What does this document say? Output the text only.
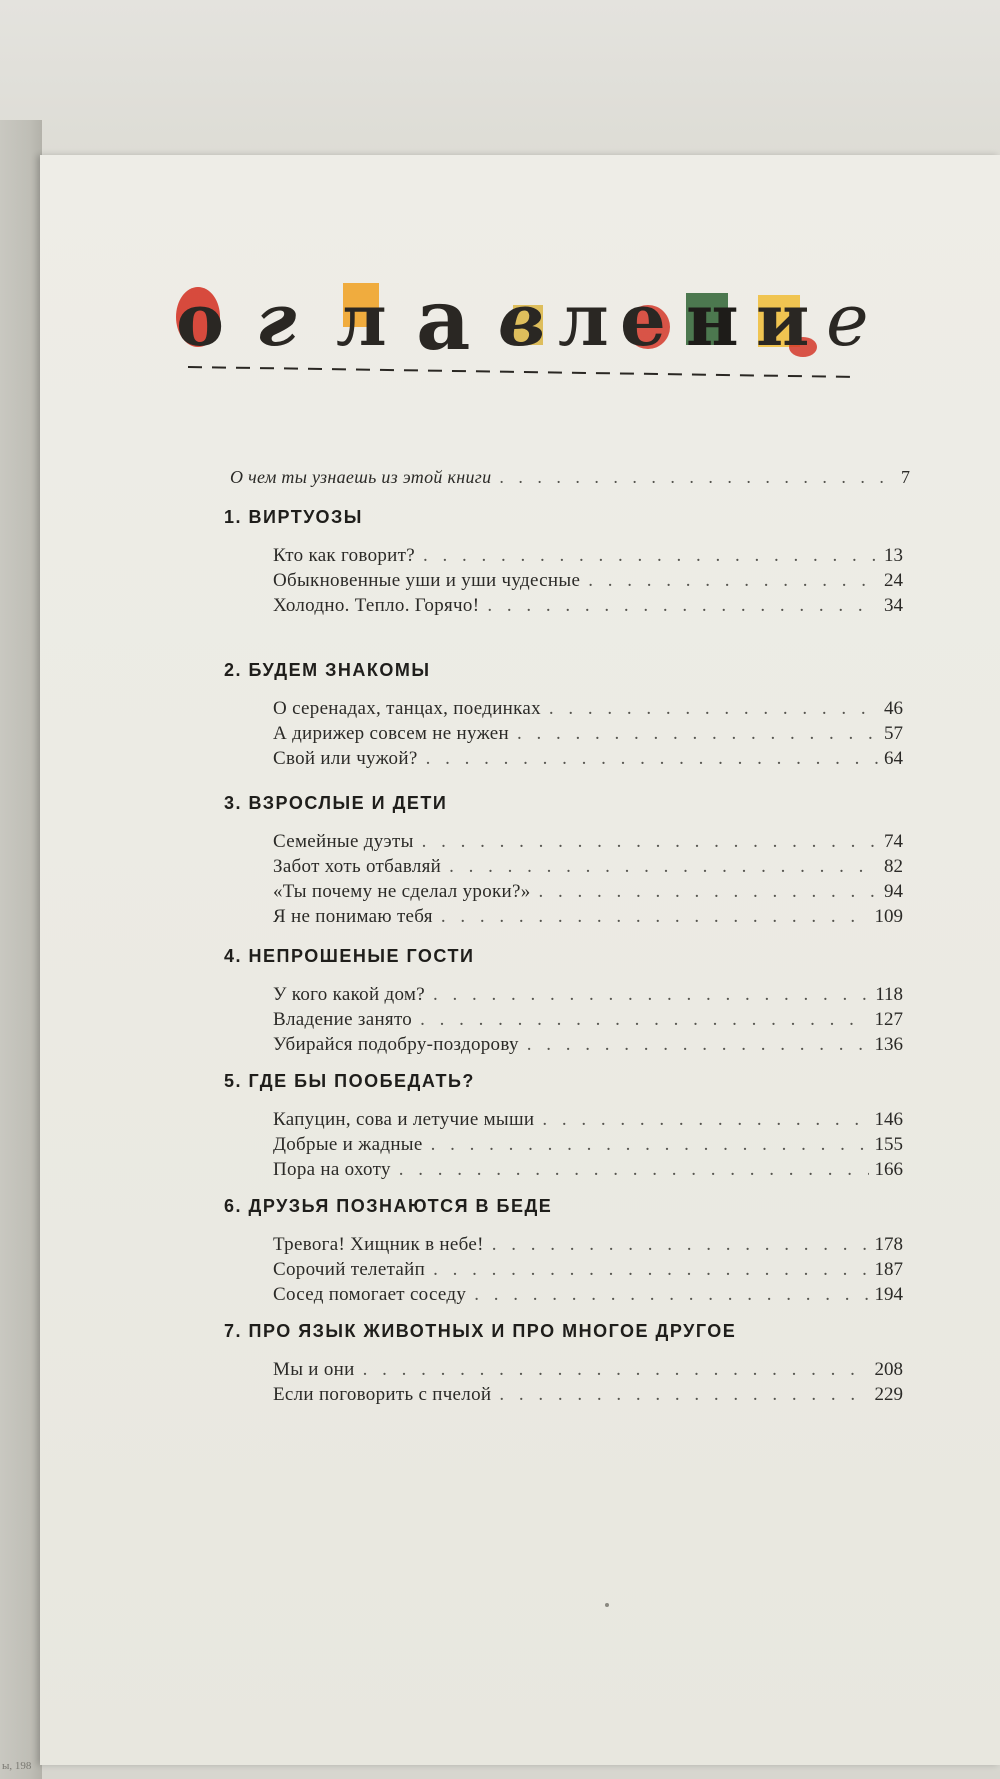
ы, 198
о г л а в л е н и е
О чем ты узнаешь из этой книги . . .	7
1. ВИРТУОЗЫ
Кто как говорит? . . .	13
Обыкновенные уши и уши чудесные . . .	24
Холодно. Тепло. Горячо! . . .	34
2. БУДЕМ ЗНАКОМЫ
О серенадах, танцах, поединках . . .	46
А дирижер совсем не нужен . . .	57
Свой или чужой? . . .	64
3. ВЗРОСЛЫЕ И ДЕТИ
Семейные дуэты . . .	74
Забот хоть отбавляй . . .	82
«Ты почему не сделал уроки?» . . .	94
Я не понимаю тебя . . .	109
4. НЕПРОШЕНЫЕ ГОСТИ
У кого какой дом? . . .	118
Владение занято . . .	127
Убирайся подобру-поздорову . . .	136
5. ГДЕ БЫ ПООБЕДАТЬ?
Капуцин, сова и летучие мыши . . .	146
Добрые и жадные . . .	155
Пора на охоту . . .	166
6. ДРУЗЬЯ ПОЗНАЮТСЯ В БЕДЕ
Тревога! Хищник в небе! . . .	178
Сорочий телетайп . . .	187
Сосед помогает соседу . . .	194
7. ПРО ЯЗЫК ЖИВОТНЫХ И ПРО МНОГОЕ ДРУГОЕ
Мы и они . . .	208
Если поговорить с пчелой . . .	229
